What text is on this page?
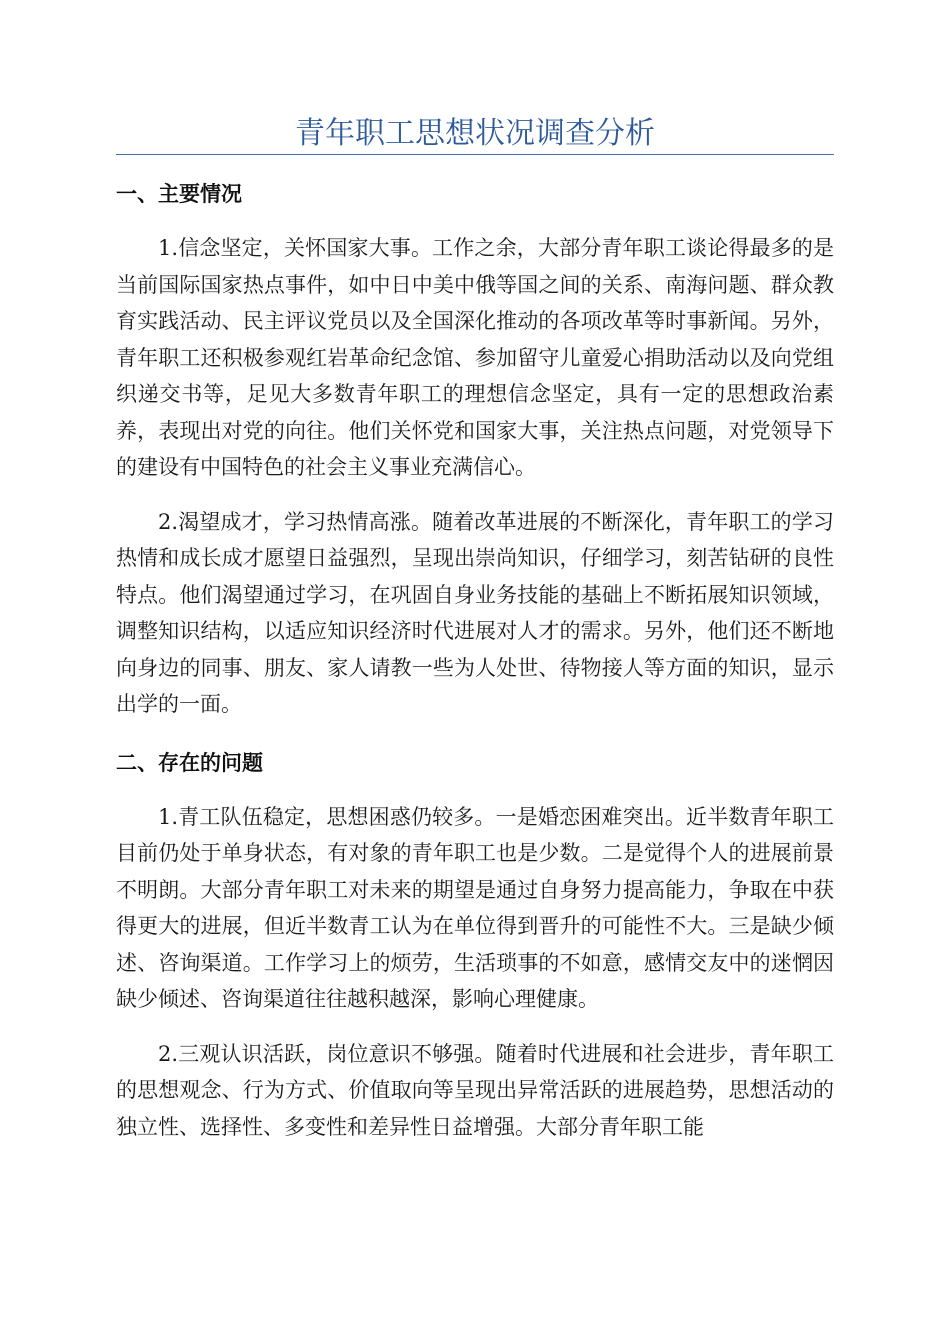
青年职工思想状况调查分析
一、主要情况

1.信念坚定，关怀国家大事。工作之余，大部分青年职工谈论得最多的是当前国际国家热点事件，如中日中美中俄等国之间的关系、南海问题、群众教育实践活动、民主评议党员以及全国深化推动的各项改革等时事新闻。另外，青年职工还积极参观红岩革命纪念馆、参加留守儿童爱心捐助活动以及向党组织递交书等，足见大多数青年职工的理想信念坚定，具有一定的思想政治素养，表现出对党的向往。他们关怀党和国家大事，关注热点问题，对党领导下的建设有中国特色的社会主义事业充满信心。

2.渴望成才，学习热情高涨。随着改革进展的不断深化，青年职工的学习热情和成长成才愿望日益强烈，呈现出崇尚知识，仔细学习，刻苦钻研的良性特点。他们渴望通过学习，在巩固自身业务技能的基础上不断拓展知识领域，调整知识结构，以适应知识经济时代进展对人才的需求。另外，他们还不断地向身边的同事、朋友、家人请教一些为人处世、待物接人等方面的知识，显示出学的一面。

二、存在的问题

1.青工队伍稳定，思想困惑仍较多。一是婚恋困难突出。近半数青年职工目前仍处于单身状态，有对象的青年职工也是少数。二是觉得个人的进展前景不明朗。大部分青年职工对未来的期望是通过自身努力提高能力，争取在中获得更大的进展，但近半数青工认为在单位得到晋升的可能性不大。三是缺少倾述、咨询渠道。工作学习上的烦劳，生活琐事的不如意，感情交友中的迷惘因缺少倾述、咨询渠道往往越积越深，影响心理健康。

2.三观认识活跃，岗位意识不够强。随着时代进展和社会进步，青年职工的思想观念、行为方式、价值取向等呈现出异常活跃的进展趋势，思想活动的独立性、选择性、多变性和差异性日益增强。大部分青年职工能
